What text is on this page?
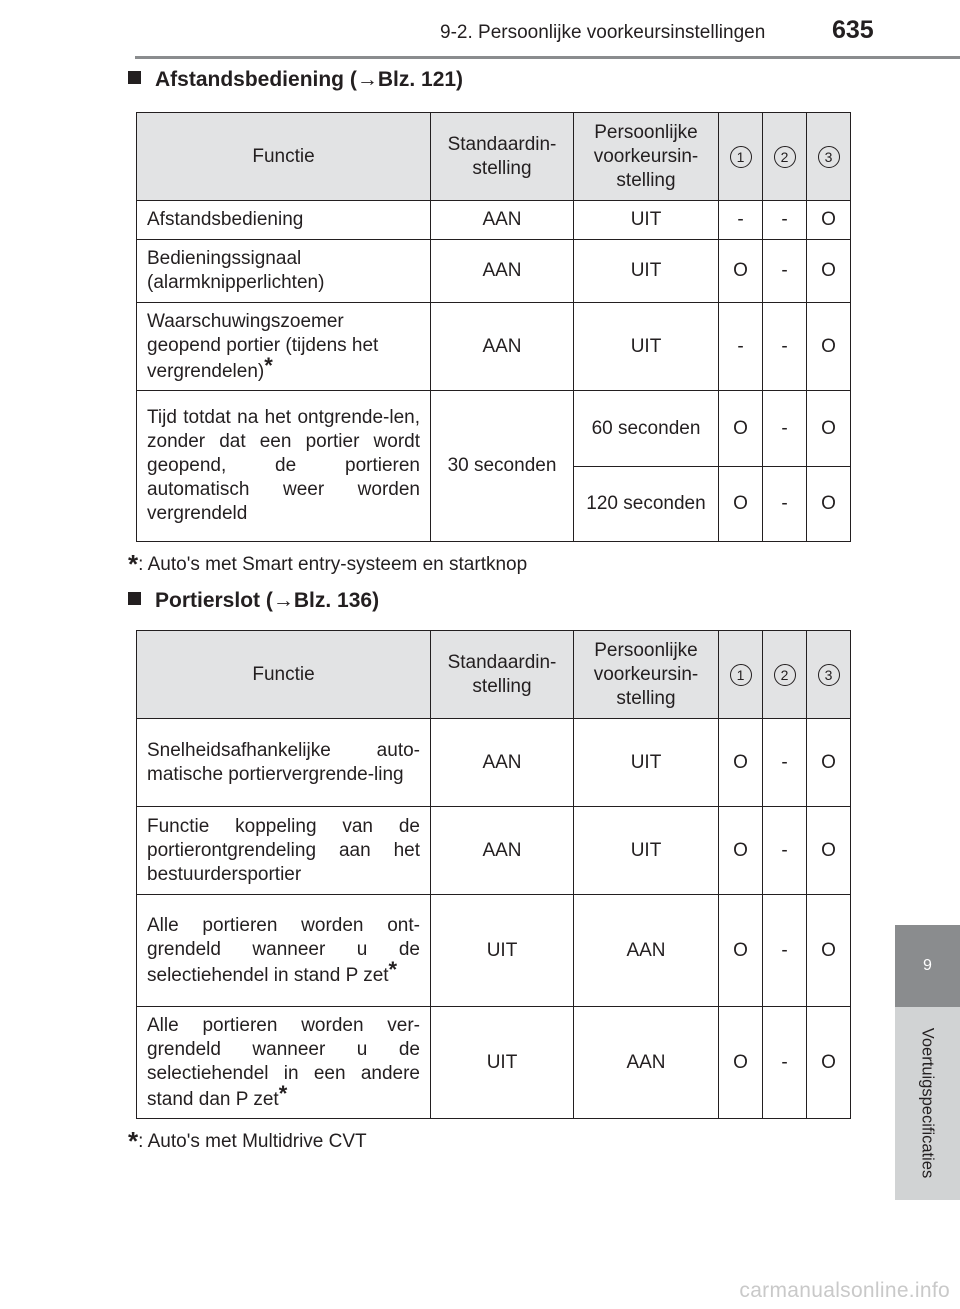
9-2. Persoonlijke voorkeursinstellingen	635
9
Voertuigspecificaties
Afstandsbediening (→Blz. 121)
Functie	Standaardin-stelling	Persoonlijke voorkeursin-stelling	1	2	3
Afstandsbediening	AAN	UIT	-	-	O
Bedieningssignaal (alarmknipperlichten)	AAN	UIT	O	-	O
Waarschuwingszoemer geopend portier (tijdens het vergrendelen)*	AAN	UIT	-	-	O
Tijd totdat na het ontgrende-len, zonder dat een portier wordt geopend, de portieren automatisch weer worden vergrendeld	30 seconden	60 seconden	O	-	O
		120 seconden	O	-	O
*: Auto's met Smart entry-systeem en startknop
Portierslot (→Blz. 136)
Functie	Standaardin-stelling	Persoonlijke voorkeursin-stelling	1	2	3
Snelheidsafhankelijke auto-matische portiervergrende-ling	AAN	UIT	O	-	O
Functie koppeling van de portierontgrendeling aan het bestuurdersportier	AAN	UIT	O	-	O
Alle portieren worden ont-grendeld wanneer u de selectiehendel in stand P zet*	UIT	AAN	O	-	O
Alle portieren worden ver-grendeld wanneer u de selectiehendel in een andere stand dan P zet*	UIT	AAN	O	-	O
*: Auto's met Multidrive CVT
carmanualsonline.info
